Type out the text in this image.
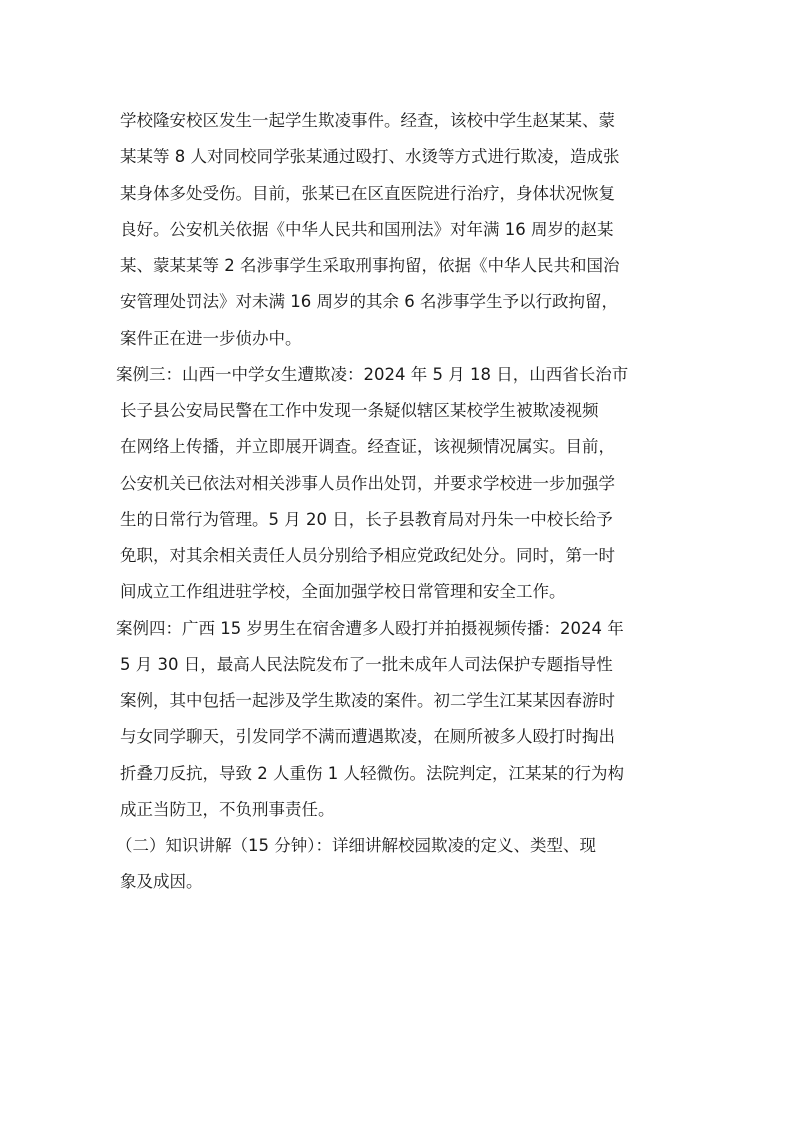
学校隆安校区发生一起学生欺凌事件。经查，该校中学生赵某某、蒙
某某等 8 人对同校同学张某通过殴打、水烫等方式进行欺凌，造成张
某身体多处受伤。目前，张某已在区直医院进行治疗，身体状况恢复
良好。公安机关依据《中华人民共和国刑法》对年满 16 周岁的赵某
某、蒙某某等 2 名涉事学生采取刑事拘留，依据《中华人民共和国治
安管理处罚法》对未满 16 周岁的其余 6 名涉事学生予以行政拘留，
案件正在进一步侦办中。
案例三：山西一中学女生遭欺凌：2024 年 5 月 18 日，山西省长治市
长子县公安局民警在工作中发现一条疑似辖区某校学生被欺凌视频
在网络上传播，并立即展开调查。经查证，该视频情况属实。目前，
公安机关已依法对相关涉事人员作出处罚，并要求学校进一步加强学
生的日常行为管理。5 月 20 日，长子县教育局对丹朱一中校长给予
免职，对其余相关责任人员分别给予相应党政纪处分。同时，第一时
间成立工作组进驻学校，全面加强学校日常管理和安全工作。
案例四：广西 15 岁男生在宿舍遭多人殴打并拍摄视频传播：2024 年
5 月 30 日，最高人民法院发布了一批未成年人司法保护专题指导性
案例，其中包括一起涉及学生欺凌的案件。初二学生江某某因春游时
与女同学聊天，引发同学不满而遭遇欺凌，在厕所被多人殴打时掏出
折叠刀反抗，导致 2 人重伤 1 人轻微伤。法院判定，江某某的行为构
成正当防卫，不负刑事责任。
（二）知识讲解（15 分钟）：详细讲解校园欺凌的定义、类型、现
象及成因。
